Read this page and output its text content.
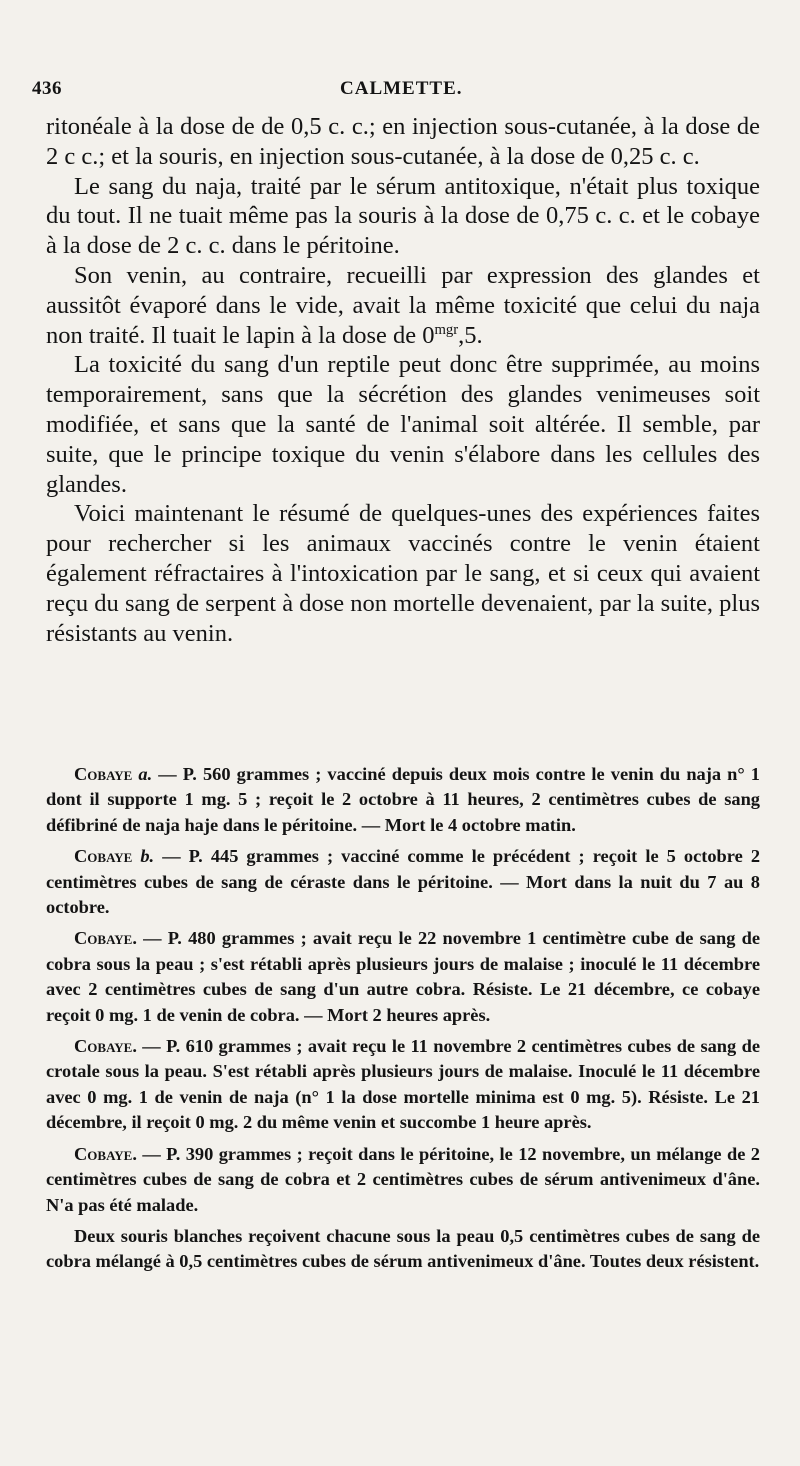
436	CALMETTE.

ritonéale à la dose de de 0,5 c. c.; en injection sous-cutanée, à la dose de 2 c c.; et la souris, en injection sous-cutanée, à la dose de 0,25 c. c.

Le sang du naja, traité par le sérum antitoxique, n'était plus toxique du tout. Il ne tuait même pas la souris à la dose de 0,75 c. c. et le cobaye à la dose de 2 c. c. dans le péritoine.

Son venin, au contraire, recueilli par expression des glandes et aussitôt évaporé dans le vide, avait la même toxicité que celui du naja non traité. Il tuait le lapin à la dose de $0^{mgr},5$.

La toxicité du sang d'un reptile peut donc être supprimée, au moins temporairement, sans que la sécrétion des glandes venimeuses soit modifiée, et sans que la santé de l'animal soit altérée. Il semble, par suite, que le principe toxique du venin s'élabore dans les cellules des glandes.

Voici maintenant le résumé de quelques-unes des expériences faites pour rechercher si les animaux vaccinés contre le venin étaient également réfractaires à l'intoxication par le sang, et si ceux qui avaient reçu du sang de serpent à dose non mortelle devenaient, par la suite, plus résistants au venin.

Cobaye a. — P. 560 grammes ; vacciné depuis deux mois contre le venin du naja n° 1 dont il supporte 1 mg. 5 ; reçoit le 2 octobre à 11 heures, 2 centimètres cubes de sang défibriné de naja haje dans le péritoine. — Mort le 4 octobre matin.

Cobaye b. — P. 445 grammes ; vacciné comme le précédent ; reçoit le 5 octobre 2 centimètres cubes de sang de céraste dans le péritoine. — Mort dans la nuit du 7 au 8 octobre.

Cobaye. — P. 480 grammes ; avait reçu le 22 novembre 1 centimètre cube de sang de cobra sous la peau ; s'est rétabli après plusieurs jours de malaise ; inoculé le 11 décembre avec 2 centimètres cubes de sang d'un autre cobra. Résiste. Le 21 décembre, ce cobaye reçoit 0 mg. 1 de venin de cobra. — Mort 2 heures après.

Cobaye. — P. 610 grammes ; avait reçu le 11 novembre 2 centimètres cubes de sang de crotale sous la peau. S'est rétabli après plusieurs jours de malaise. Inoculé le 11 décembre avec 0 mg. 1 de venin de naja (n° 1 la dose mortelle minima est 0 mg. 5). Résiste. Le 21 décembre, il reçoit 0 mg. 2 du même venin et succombe 1 heure après.

Cobaye. — P. 390 grammes ; reçoit dans le péritoine, le 12 novembre, un mélange de 2 centimètres cubes de sang de cobra et 2 centimètres cubes de sérum antivenimeux d'âne. N'a pas été malade.

Deux souris blanches reçoivent chacune sous la peau 0,5 centimètres cubes de sang de cobra mélangé à 0,5 centimètres cubes de sérum antivenimeux d'âne. Toutes deux résistent.
